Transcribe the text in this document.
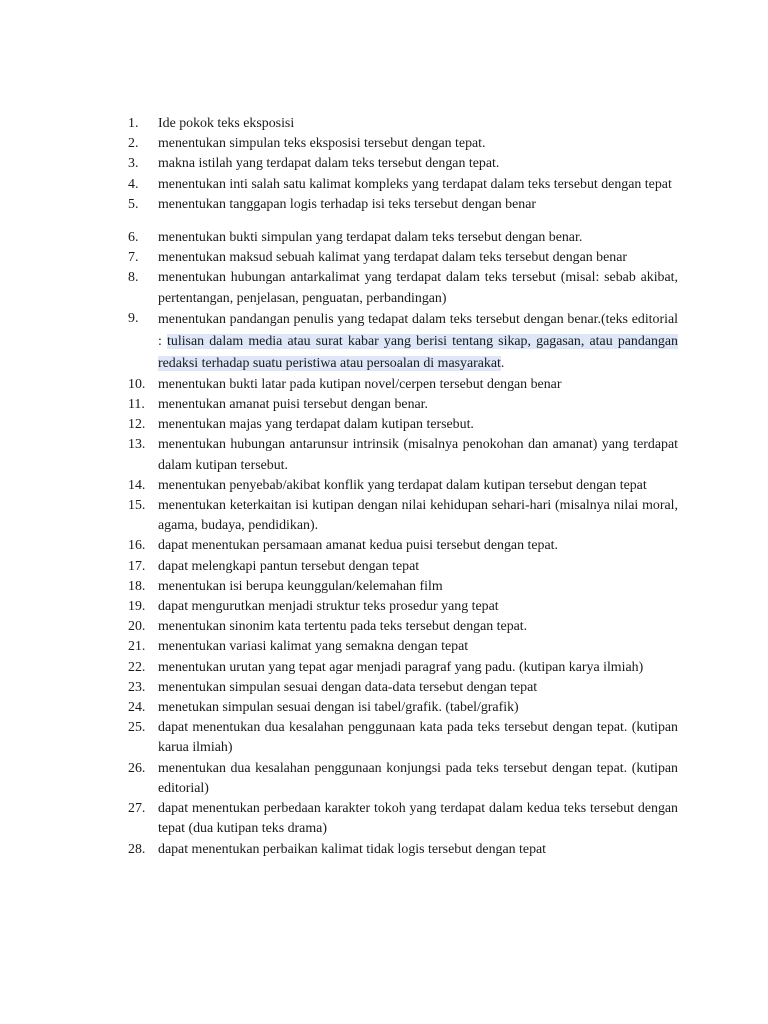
1.	Ide pokok teks eksposisi
2.	menentukan simpulan teks eksposisi tersebut dengan tepat.
3.	makna istilah yang terdapat dalam teks tersebut dengan tepat.
4.	menentukan inti salah satu kalimat kompleks yang terdapat dalam teks tersebut dengan tepat
5.	menentukan tanggapan logis terhadap isi teks tersebut dengan benar
6.	menentukan bukti simpulan yang terdapat dalam teks tersebut dengan benar.
7.	menentukan maksud sebuah kalimat yang terdapat dalam teks tersebut dengan benar
8.	menentukan hubungan antarkalimat yang terdapat dalam teks tersebut (misal: sebab akibat, pertentangan, penjelasan, penguatan, perbandingan)
9.	menentukan pandangan penulis yang tedapat dalam teks tersebut dengan benar.(teks editorial : tulisan dalam media atau surat kabar yang berisi tentang sikap, gagasan, atau pandangan redaksi terhadap suatu peristiwa atau persoalan di masyarakat.
10. menentukan bukti latar pada kutipan novel/cerpen tersebut dengan benar
11. menentukan amanat puisi tersebut dengan benar.
12. menentukan majas yang terdapat dalam kutipan tersebut.
13. menentukan hubungan antarunsur intrinsik (misalnya penokohan dan amanat) yang terdapat dalam kutipan tersebut.
14. menentukan penyebab/akibat konflik yang terdapat dalam kutipan tersebut dengan tepat
15. menentukan keterkaitan isi kutipan dengan nilai kehidupan sehari-hari (misalnya nilai moral, agama, budaya, pendidikan).
16. dapat menentukan persamaan amanat kedua puisi tersebut dengan tepat.
17. dapat melengkapi pantun tersebut dengan tepat
18. menentukan isi berupa keunggulan/kelemahan film
19. dapat mengurutkan menjadi struktur teks prosedur yang tepat
20. menentukan sinonim kata tertentu pada teks tersebut dengan tepat.
21. menentukan variasi kalimat yang semakna dengan tepat
22. menentukan urutan yang tepat agar menjadi paragraf yang padu. (kutipan karya ilmiah)
23. menentukan simpulan sesuai dengan data-data tersebut dengan tepat
24. menetukan simpulan sesuai dengan isi tabel/grafik. (tabel/grafik)
25. dapat menentukan dua kesalahan penggunaan kata pada teks tersebut dengan tepat. (kutipan karua ilmiah)
26. menentukan dua kesalahan penggunaan konjungsi pada teks tersebut dengan tepat. (kutipan editorial)
27. dapat menentukan perbedaan karakter tokoh yang terdapat dalam kedua teks tersebut dengan tepat (dua kutipan teks drama)
28. dapat menentukan perbaikan kalimat tidak logis tersebut dengan tepat
